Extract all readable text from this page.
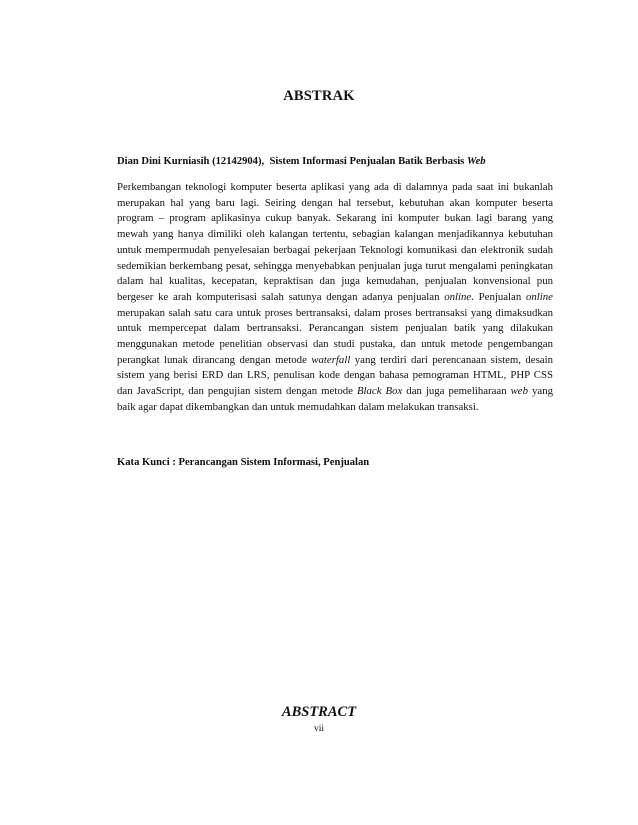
ABSTRAK
Dian Dini Kurniasih (12142904), Sistem Informasi Penjualan Batik Berbasis Web

Perkembangan teknologi komputer beserta aplikasi yang ada di dalamnya pada saat ini bukanlah merupakan hal yang baru lagi. Seiring dengan hal tersebut, kebutuhan akan komputer beserta program – program aplikasinya cukup banyak. Sekarang ini komputer bukan lagi barang yang mewah yang hanya dimiliki oleh kalangan tertentu, sebagian kalangan menjadikannya kebutuhan untuk mempermudah penyelesaian berbagai pekerjaan Teknologi komunikasi dan elektronik sudah sedemikian berkembang pesat, sehingga menyebabkan penjualan juga turut mengalami peningkatan dalam hal kualitas, kecepatan, kepraktisan dan juga kemudahan, penjualan konvensional pun bergeser ke arah komputerisasi salah satunya dengan adanya penjualan online. Penjualan online merupakan salah satu cara untuk proses bertransaksi, dalam proses bertransaksi yang dimaksudkan untuk mempercepat dalam bertransaksi. Perancangan sistem penjualan batik yang dilakukan menggunakan metode penelitian observasi dan studi pustaka, dan untuk metode pengembangan perangkat lunak dirancang dengan metode waterfall yang terdiri dari perencanaan sistem, desain sistem yang berisi ERD dan LRS, penulisan kode dengan bahasa pemograman HTML, PHP CSS dan JavaScript, dan pengujian sistem dengan metode Black Box dan juga pemeliharaan web yang baik agar dapat dikembangkan dan untuk memudahkan dalam melakukan transaksi.

Kata Kunci : Perancangan Sistem Informasi, Penjualan
ABSTRACT
vii
